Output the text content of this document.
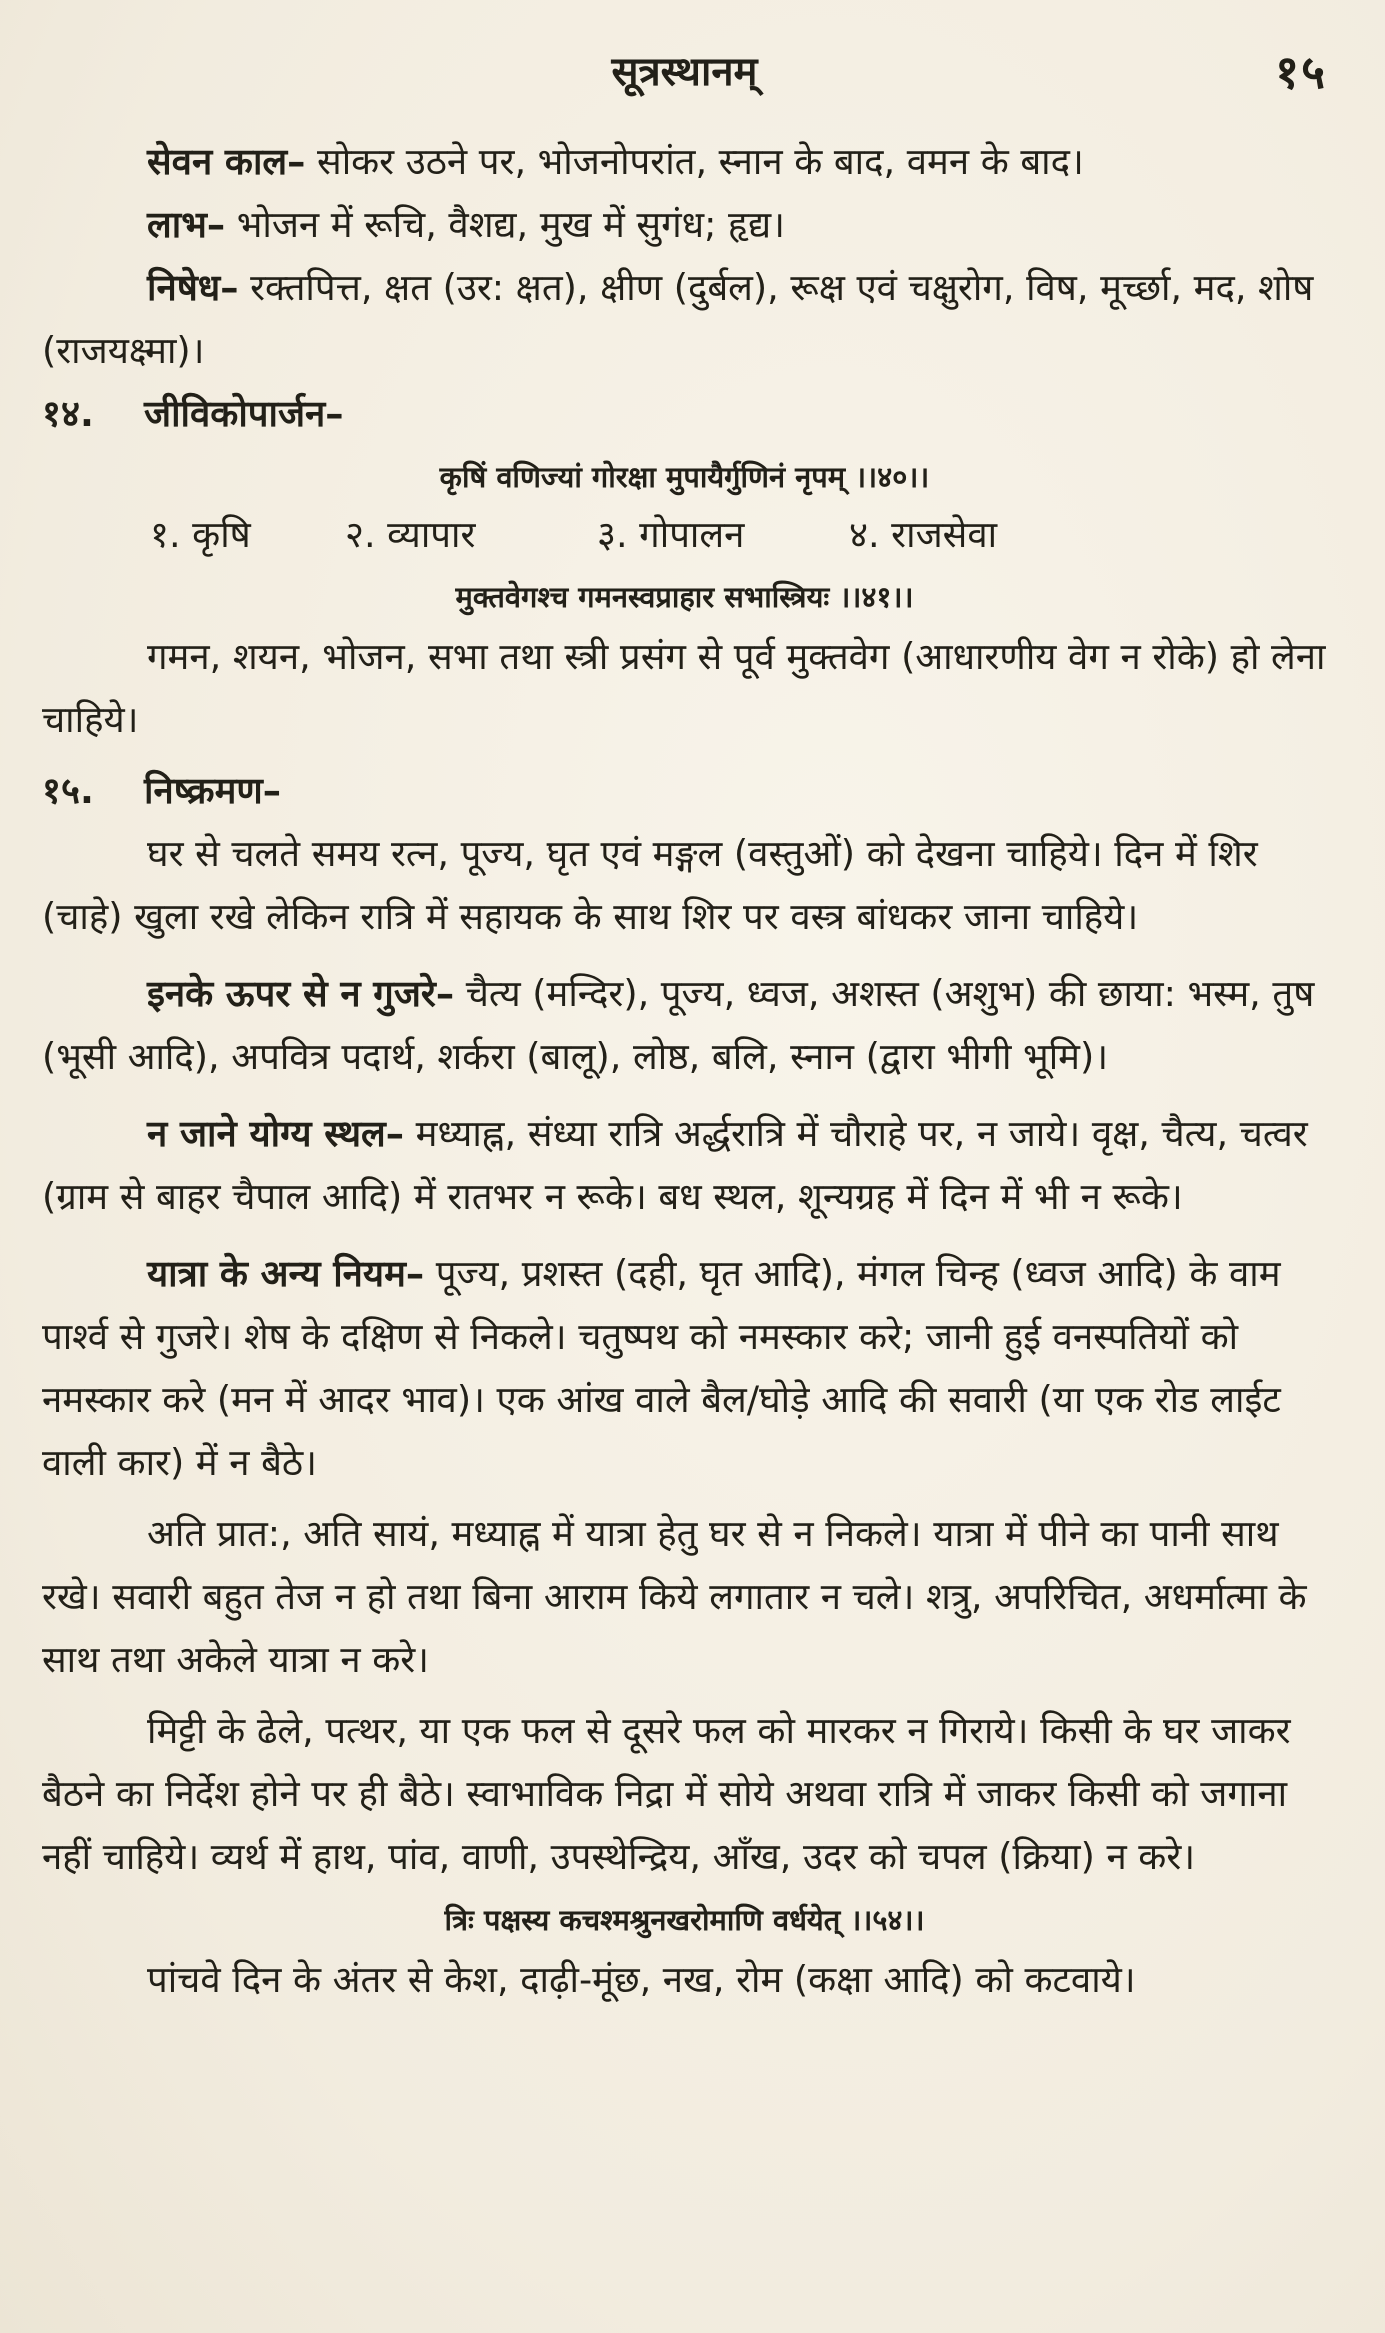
सूत्रस्थानम्	१५

सेवन काल– सोकर उठने पर, भोजनोपरांत, स्नान के बाद, वमन के बाद।

लाभ– भोजन में रूचि, वैशद्य, मुख में सुगंध; हृद्य।

निषेध– रक्तपित्त, क्षत (उर: क्षत), क्षीण (दुर्बल), रूक्ष एवं चक्षुरोग, विष, मूर्च्छा, मद, शोष (राजयक्ष्मा)।

१४. जीविकोपार्जन–
कृषिं वणिज्यां गोरक्षा मुपायैर्गुणिनं नृपम् ।।४०।।
१. कृषि	२. व्यापार	३. गोपालन	४. राजसेवा
मुक्तवेगश्च गमनस्वप्राहार सभास्त्रियः ।।४१।।

गमन, शयन, भोजन, सभा तथा स्त्री प्रसंग से पूर्व मुक्तवेग (आधारणीय वेग न रोके) हो लेना चाहिये।

१५. निष्क्रमण–

घर से चलते समय रत्न, पूज्य, घृत एवं मङ्गल (वस्तुओं) को देखना चाहिये। दिन में शिर (चाहे) खुला रखे लेकिन रात्रि में सहायक के साथ शिर पर वस्त्र बांधकर जाना चाहिये।

इनके ऊपर से न गुजरे– चैत्य (मन्दिर), पूज्य, ध्वज, अशस्त (अशुभ) की छाया: भस्म, तुष (भूसी आदि), अपवित्र पदार्थ, शर्करा (बालू), लोष्ठ, बलि, स्नान (द्वारा भीगी भूमि)।

न जाने योग्य स्थल– मध्याह्न, संध्या रात्रि अर्द्धरात्रि में चौराहे पर, न जाये। वृक्ष, चैत्य, चत्वर (ग्राम से बाहर चैपाल आदि) में रातभर न रूके। बध स्थल, शून्यग्रह में दिन में भी न रूके।

यात्रा के अन्य नियम– पूज्य, प्रशस्त (दही, घृत आदि), मंगल चिन्ह (ध्वज आदि) के वाम पार्श्व से गुजरे। शेष के दक्षिण से निकले। चतुष्पथ को नमस्कार करे; जानी हुई वनस्पतियों को नमस्कार करे (मन में आदर भाव)। एक आंख वाले बैल/घोड़े आदि की सवारी (या एक रोड लाईट वाली कार) में न बैठे।

अति प्रात:, अति सायं, मध्याह्न में यात्रा हेतु घर से न निकले। यात्रा में पीने का पानी साथ रखे। सवारी बहुत तेज न हो तथा बिना आराम किये लगातार न चले। शत्रु, अपरिचित, अधर्मात्मा के साथ तथा अकेले यात्रा न करे।

मिट्टी के ढेले, पत्थर, या एक फल से दूसरे फल को मारकर न गिराये। किसी के घर जाकर बैठने का निर्देश होने पर ही बैठे। स्वाभाविक निद्रा में सोये अथवा रात्रि में जाकर किसी को जगाना नहीं चाहिये। व्यर्थ में हाथ, पांव, वाणी, उपस्थेन्द्रिय, आँख, उदर को चपल (क्रिया) न करे।

त्रिः पक्षस्य कचश्मश्रुनखरोमाणि वर्धयेत् ।।५४।।

पांचवे दिन के अंतर से केश, दाढ़ी-मूंछ, नख, रोम (कक्षा आदि) को कटवाये।
